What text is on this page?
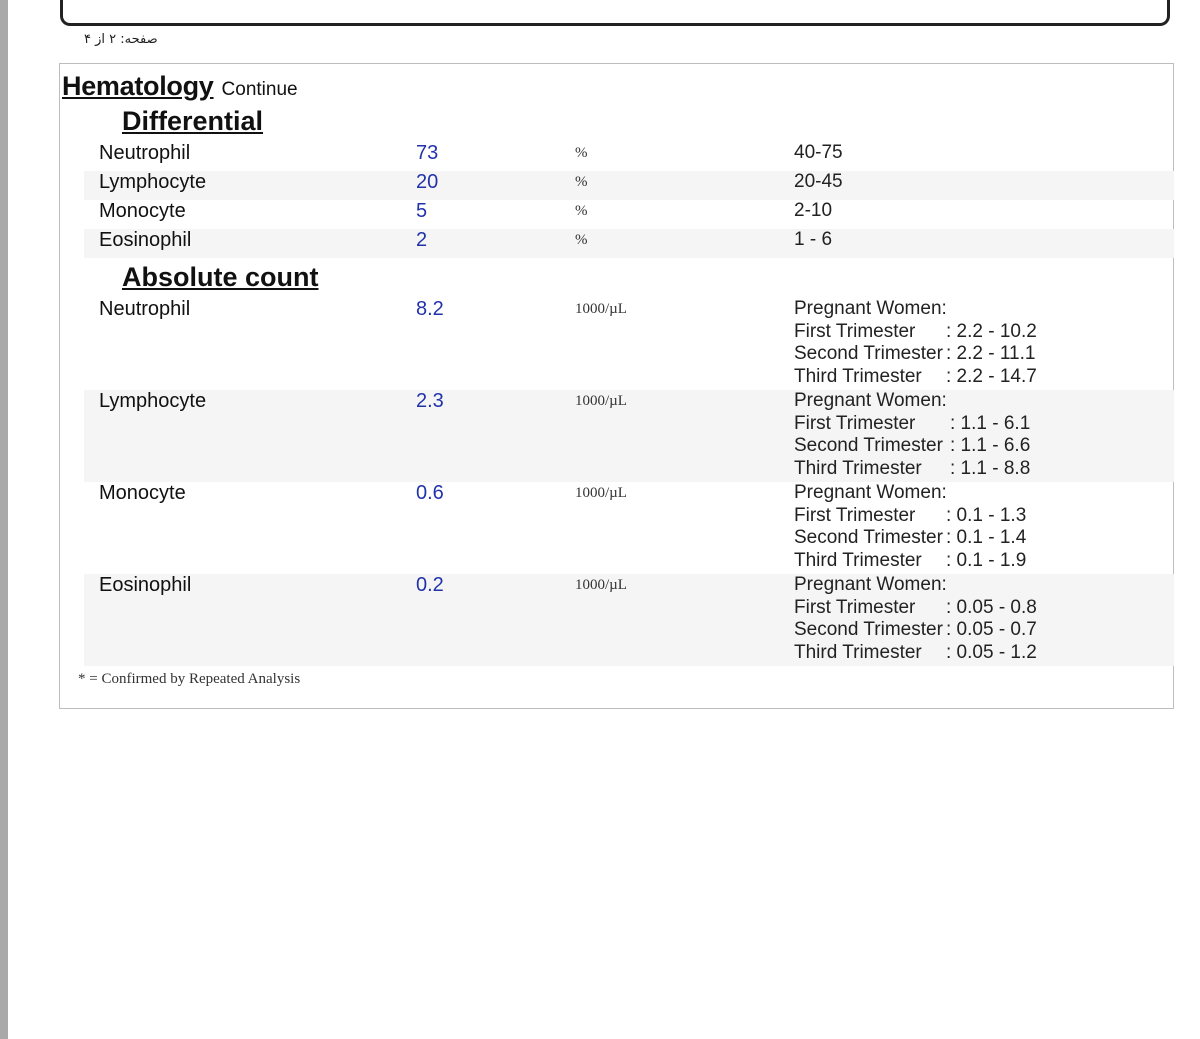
صفحه: ۲ از ۴
Hematology Continue
Differential
Neutrophil	73	%	40-75
Lymphocyte	20	%	20-45
Monocyte	5	%	2-10
Eosinophil	2	%	1 - 6
Absolute count
Neutrophil	8.2	1000/µL	Pregnant Women:
First Trimester : 2.2 - 10.2
Second Trimester : 2.2 - 11.1
Third Trimester : 2.2 - 14.7
Lymphocyte	2.3	1000/µL	Pregnant Women:
First Trimester : 1.1 - 6.1
Second Trimester : 1.1 - 6.6
Third Trimester : 1.1 - 8.8
Monocyte	0.6	1000/µL	Pregnant Women:
First Trimester : 0.1 - 1.3
Second Trimester : 0.1 - 1.4
Third Trimester : 0.1 - 1.9
Eosinophil	0.2	1000/µL	Pregnant Women:
First Trimester : 0.05 - 0.8
Second Trimester : 0.05 - 0.7
Third Trimester : 0.05 - 1.2
* = Confirmed by Repeated Analysis
